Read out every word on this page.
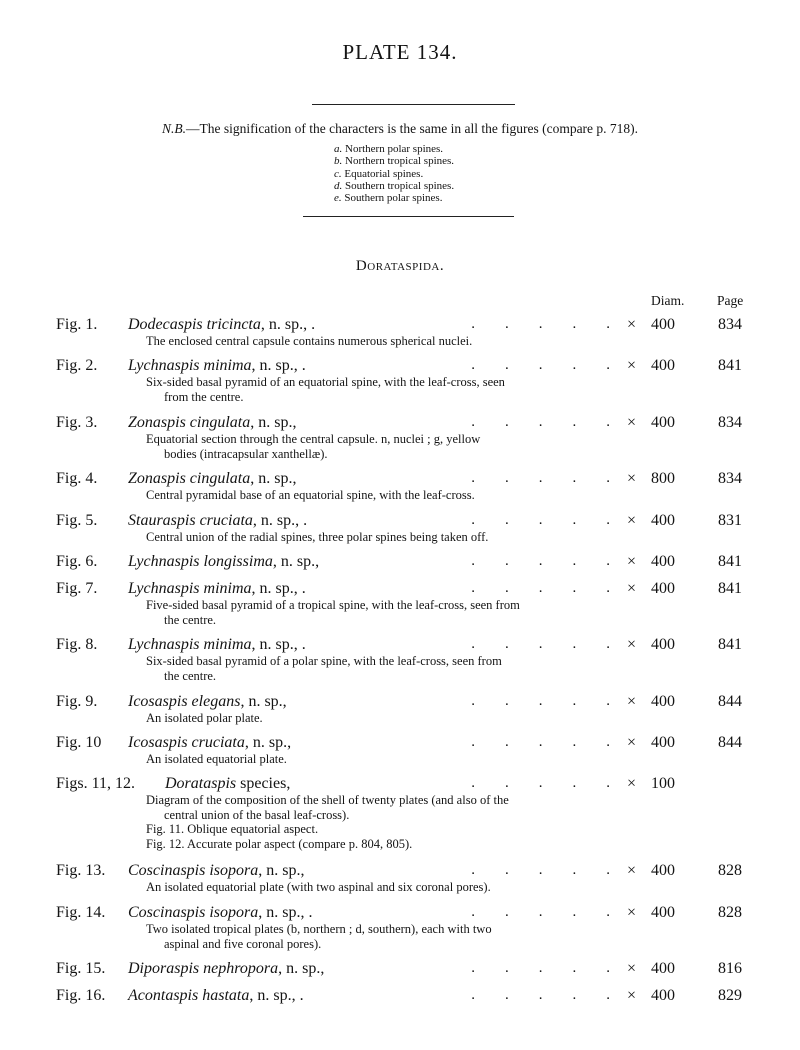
PLATE 134.
N.B.—The signification of the characters is the same in all the figures (compare p. 718).
a. Northern polar spines.
b. Northern tropical spines.
c. Equatorial spines.
d. Southern tropical spines.
e. Southern polar spines.
Dorataspida.
Diam. Page
Fig. 1. Dodecaspis tricincta, n. sp., .	.        .        .        .        . × 400	834
The enclosed central capsule contains numerous spherical nuclei.
Fig. 2. Lychnaspis minima, n. sp., .	.        .        .        .        . × 400	841
Six-sided basal pyramid of an equatorial spine, with the leaf-cross, seen
from the centre.
Fig. 3. Zonaspis cingulata, n. sp.,	.        .        .        .        . × 400	834
Equatorial section through the central capsule. n, nuclei ; g, yellow
bodies (intracapsular xanthellæ).
Fig. 4. Zonaspis cingulata, n. sp.,	.        .        .        .        . × 800	834
Central pyramidal base of an equatorial spine, with the leaf-cross.
Fig. 5. Stauraspis cruciata, n. sp., .	.        .        .        .        . × 400	831
Central union of the radial spines, three polar spines being taken off.
Fig. 6. Lychnaspis longissima, n. sp.,	.        .        .        .        . × 400	841
Fig. 7. Lychnaspis minima, n. sp., .	.        .        .        .        . × 400	841
Five-sided basal pyramid of a tropical spine, with the leaf-cross, seen from
the centre.
Fig. 8. Lychnaspis minima, n. sp., .	.        .        .        .        . × 400	841
Six-sided basal pyramid of a polar spine, with the leaf-cross, seen from
the centre.
Fig. 9. Icosaspis elegans, n. sp.,	.        .        .        .        . × 400	844
An isolated polar plate.
Fig. 10 Icosaspis cruciata, n. sp.,	.        .        .        .        . × 400	844
An isolated equatorial plate.
Figs. 11, 12. Dorataspis species,	.        .        .        .        . × 100
Diagram of the composition of the shell of twenty plates (and also of the
central union of the basal leaf-cross).
Fig. 11. Oblique equatorial aspect.
Fig. 12. Accurate polar aspect (compare p. 804, 805).
Fig. 13. Coscinaspis isopora, n. sp.,	.        .        .        .        . × 400	828
An isolated equatorial plate (with two aspinal and six coronal pores).
Fig. 14. Coscinaspis isopora, n. sp., .	.        .        .        .        . × 400	828
Two isolated tropical plates (b, northern ; d, southern), each with two
aspinal and five coronal pores).
Fig. 15. Diporaspis nephropora, n. sp.,	.        .        .        .        . × 400	816
Fig. 16. Acontaspis hastata, n. sp., .	.        .        .        .        . × 400	829
